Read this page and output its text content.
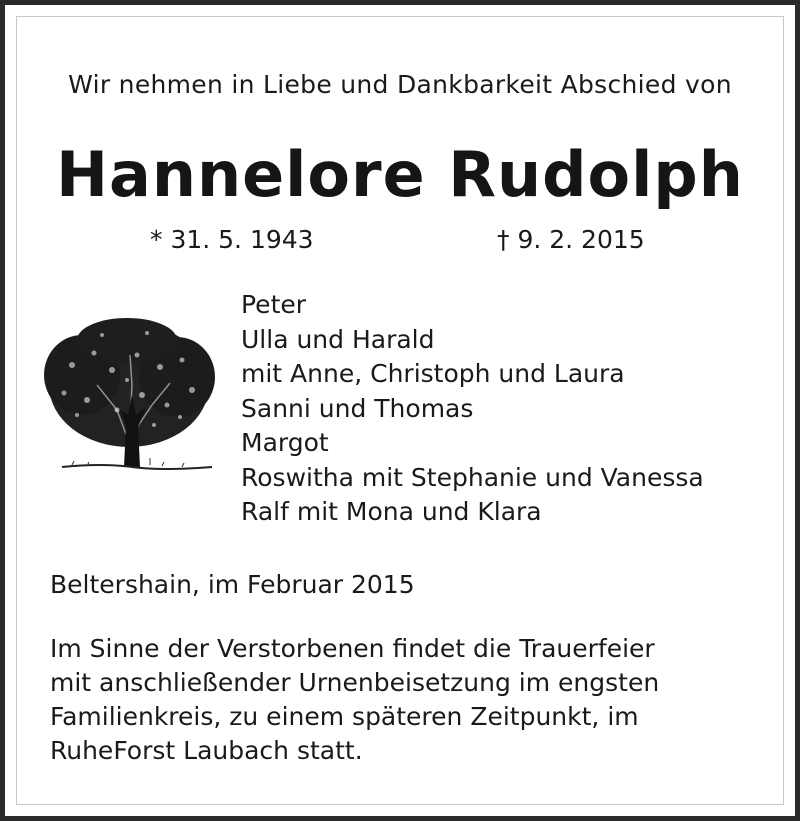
Wir nehmen in Liebe und Dankbarkeit Abschied von
Hannelore Rudolph
* 31. 5. 1943	† 9. 2. 2015
Peter
Ulla und Harald
mit Anne, Christoph und Laura
Sanni und Thomas
Margot
Roswitha mit Stephanie und Vanessa
Ralf mit Mona und Klara
Beltershain, im Februar 2015
Im Sinne der Verstorbenen findet die Trauerfeier
mit anschließender Urnenbeisetzung im engsten
Familienkreis, zu einem späteren Zeitpunkt, im
RuheForst Laubach statt.
